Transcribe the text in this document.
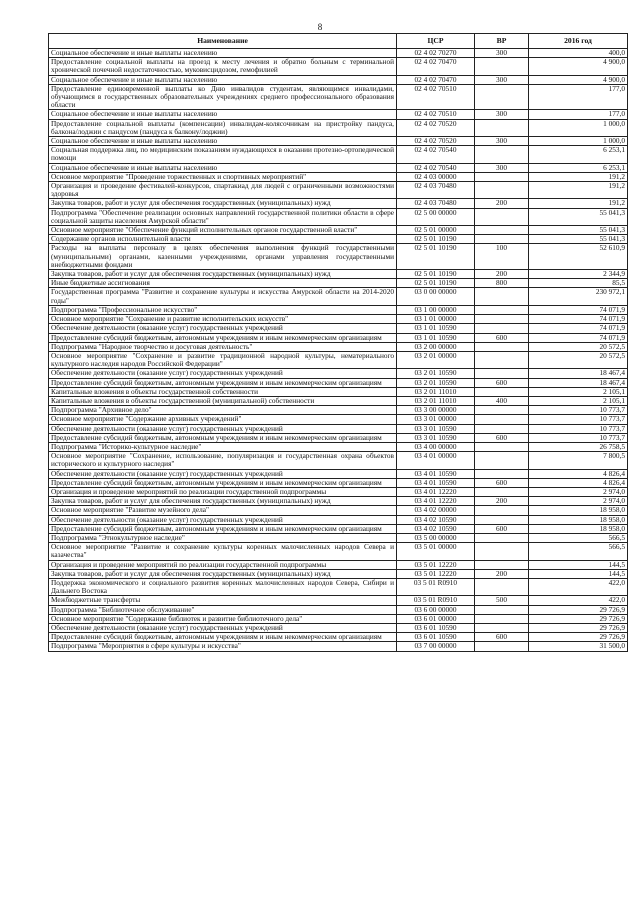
8
Наименование	ЦСР	ВР	2016 год
Социальное обеспечение и иные выплаты населению	02 4 02 70270	300	400,0
Предоставление социальной выплаты на проезд к месту лечения и обратно больным с терминальной хронической почечной недостаточностью, муковисцидозом, гемофилией	02 4 02 70470		4 900,0
Социальное обеспечение и иные выплаты населению	02 4 02 70470	300	4 900,0
Предоставление единовременной выплаты ко Дню инвалидов студентам, являющимся инвалидами, обучающимся в государственных образовательных учреждениях среднего профессионального образования области	02 4 02 70510		177,0
Социальное обеспечение и иные выплаты населению	02 4 02 70510	300	177,0
Предоставление социальной выплаты (компенсации) инвалидам-колясочникам на пристройку пандуса, балкона/лоджии с пандусом (пандуса к балкону/лоджии)	02 4 02 70520		1 000,0
Социальное обеспечение и иные выплаты населению	02 4 02 70520	300	1 000,0
Социальная поддержка лиц, по медицинским показаниям нуждающихся в оказании протезно-ортопедической помощи	02 4 02 70540		6 253,1
Социальное обеспечение и иные выплаты населению	02 4 02 70540	300	6 253,1
Основное мероприятие "Проведение торжественных и спортивных мероприятий"	02 4 03 00000		191,2
Организация и проведение фестивалей-конкурсов, спартакиад для людей с ограниченными возможностями здоровья	02 4 03 70480		191,2
Закупка товаров, работ и услуг для обеспечения государственных (муниципальных) нужд	02 4 03 70480	200	191,2
Подпрограмма "Обеспечение реализации основных направлений государственной политики области в сфере социальной защиты населения Амурской области"	02 5 00 00000		55 041,3
Основное мероприятие "Обеспечение функций исполнительных органов государственной власти"	02 5 01 00000		55 041,3
Содержание органов исполнительной власти	02 5 01 10190		55 041,3
Расходы на выплаты персоналу в целях обеспечения выполнения функций государственными (муниципальными) органами, казенными учреждениями, органами управления государственными внебюджетными фондами	02 5 01 10190	100	52 610,9
Закупка товаров, работ и услуг для обеспечения государственных (муниципальных) нужд	02 5 01 10190	200	2 344,9
Иные бюджетные ассигнования	02 5 01 10190	800	85,5
Государственная программа "Развитие и сохранение культуры и искусства Амурской области на 2014-2020 годы"	03 0 00 00000		230 972,1
Подпрограмма "Профессиональное искусство"	03 1 00 00000		74 071,9
Основное мероприятие "Сохранение и развитие исполнительских искусств"	03 1 01 00000		74 071,9
Обеспечение деятельности (оказание услуг) государственных учреждений	03 1 01 10590		74 071,9
Предоставление субсидий бюджетным, автономным учреждениям и иным некоммерческим организациям	03 1 01 10590	600	74 071,9
Подпрограмма "Народное творчество и досуговая деятельность"	03 2 00 00000		20 572,5
Основное мероприятие "Сохранение и развитие традиционной народной культуры, нематериального культурного наследия народов Российской Федерации"	03 2 01 00000		20 572,5
Обеспечение деятельности (оказание услуг) государственных учреждений	03 2 01 10590		18 467,4
Предоставление субсидий бюджетным, автономным учреждениям и иным некоммерческим организациям	03 2 01 10590	600	18 467,4
Капитальные вложения в объекты государственной собственности	03 2 01 11010		2 105,1
Капитальные вложения в объекты государственной (муниципальной) собственности	03 2 01 11010	400	2 105,1
Подпрограмма "Архивное дело"	03 3 00 00000		10 773,7
Основное мероприятие "Содержание архивных учреждений"	03 3 01 00000		10 773,7
Обеспечение деятельности (оказание услуг) государственных учреждений	03 3 01 10590		10 773,7
Предоставление субсидий бюджетным, автономным учреждениям и иным некоммерческим организациям	03 3 01 10590	600	10 773,7
Подпрограмма "Историко-культурное наследие"	03 4 00 00000		26 758,5
Основное мероприятие "Сохранение, использование, популяризация и государственная охрана объектов исторического и культурного наследия"	03 4 01 00000		7 800,5
Обеспечение деятельности (оказание услуг) государственных учреждений	03 4 01 10590		4 826,4
Предоставление субсидий бюджетным, автономным учреждениям и иным некоммерческим организациям	03 4 01 10590	600	4 826,4
Организация и проведение мероприятий по реализации государственной подпрограммы	03 4 01 12220		2 974,0
Закупка товаров, работ и услуг для обеспечения государственных (муниципальных) нужд	03 4 01 12220	200	2 974,0
Основное мероприятие "Развитие музейного дела"	03 4 02 00000		18 958,0
Обеспечение деятельности (оказание услуг) государственных учреждений	03 4 02 10590		18 958,0
Предоставление субсидий бюджетным, автономным учреждениям и иным некоммерческим организациям	03 4 02 10590	600	18 958,0
Подпрограмма "Этнокультурное наследие"	03 5 00 00000		566,5
Основное мероприятие "Развитие и сохранение культуры коренных малочисленных народов Севера и казачества"	03 5 01 00000		566,5
Организация и проведение мероприятий по реализации государственной подпрограммы	03 5 01 12220		144,5
Закупка товаров, работ и услуг для обеспечения государственных (муниципальных) нужд	03 5 01 12220	200	144,5
Поддержка экономического и социального развития коренных малочисленных народов Севера, Сибири и Дальнего Востока	03 5 01 R0910		422,0
Межбюджетные трансферты	03 5 01 R0910	500	422,0
Подпрограмма "Библиотечное обслуживание"	03 6 00 00000		29 726,9
Основное мероприятие "Содержание библиотек и развитие библиотечного дела"	03 6 01 00000		29 726,9
Обеспечение деятельности (оказание услуг) государственных учреждений	03 6 01 10590		29 726,9
Предоставление субсидий бюджетным, автономным учреждениям и иным некоммерческим организациям	03 6 01 10590	600	29 726,9
Подпрограмма "Мероприятия в сфере культуры и искусства"	03 7 00 00000		31 500,0
